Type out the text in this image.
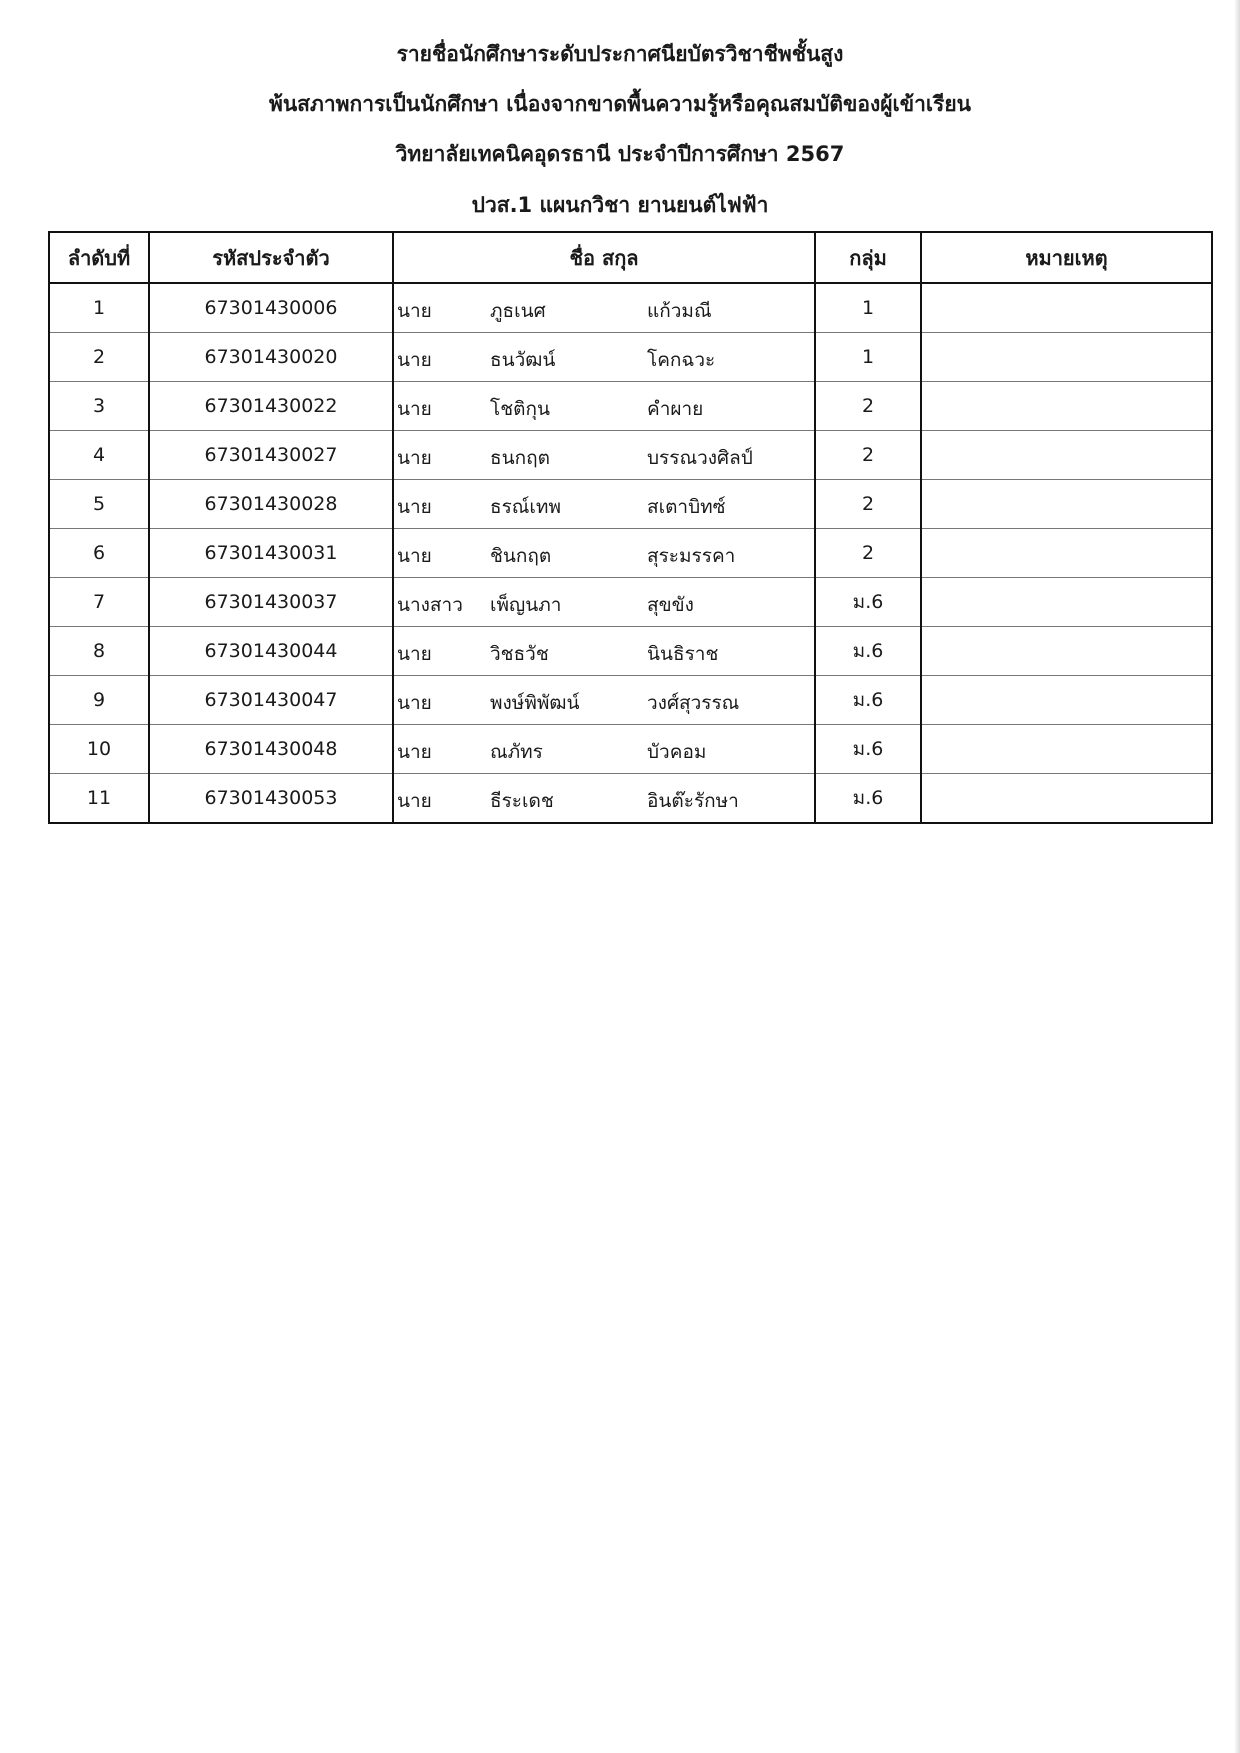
รายชื่อนักศึกษาระดับประกาศนียบัตรวิชาชีพชั้นสูง
พ้นสภาพการเป็นนักศึกษา เนื่องจากขาดพื้นความรู้หรือคุณสมบัติของผู้เข้าเรียน
วิทยาลัยเทคนิคอุดรธานี ประจำปีการศึกษา 2567
ปวส.1 แผนกวิชา ยานยนต์ไฟฟ้า
ลำดับที่	รหัสประจำตัว	ชื่อ สกุล	กลุ่ม	หมายเหตุ
1	67301430006	นาย ภูธเนศ แก้วมณี	1	
2	67301430020	นาย ธนวัฒน์ โคกฉวะ	1	
3	67301430022	นาย โชติกุน คำผาย	2	
4	67301430027	นาย ธนกฤต บรรณวงศิลป์	2	
5	67301430028	นาย ธรณ์เทพ สเตาบิทซ์	2	
6	67301430031	นาย ชินกฤต สุระมรรคา	2	
7	67301430037	นางสาว เพ็ญนภา สุขขัง	ม.6	
8	67301430044	นาย วิชธวัช นินธิราช	ม.6	
9	67301430047	นาย พงษ์พิพัฒน์ วงศ์สุวรรณ	ม.6	
10	67301430048	นาย ณภัทร บัวคอม	ม.6	
11	67301430053	นาย ธีระเดช อินต๊ะรักษา	ม.6	
